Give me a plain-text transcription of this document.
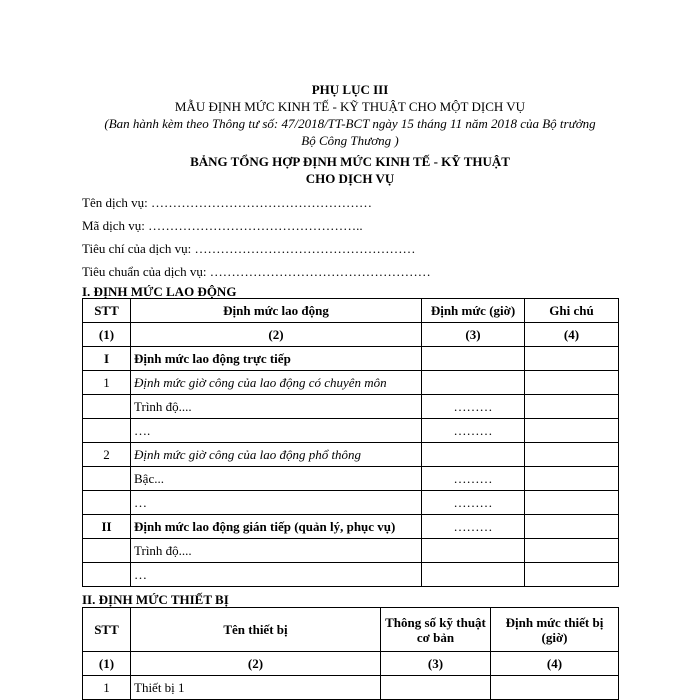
PHỤ LỤC III
MẪU ĐỊNH MỨC KINH TẾ - KỸ THUẬT CHO MỘT DỊCH VỤ
(Ban hành kèm theo Thông tư số: 47/2018/TT-BCT ngày 15 tháng 11 năm 2018 của Bộ trưởng
Bộ Công Thương )
BẢNG TỔNG HỢP ĐỊNH MỨC KINH TẾ - KỸ THUẬT
CHO DỊCH VỤ
Tên dịch vụ: ……………………………………………
Mã dịch vụ: …………………………………………..
Tiêu chí của dịch vụ: ……………………………………………
Tiêu chuẩn của dịch vụ: ……………………………………………
I. ĐỊNH MỨC LAO ĐỘNG
STT	Định mức lao động	Định mức (giờ)	Ghi chú
(1)	(2)	(3)	(4)
I	Định mức lao động trực tiếp		
1	Định mức giờ công của lao động có chuyên môn		
	Trình độ....	………	
	….	………	
2	Định mức giờ công của lao động phổ thông		
	Bậc...	………	
	…	………	
II	Định mức lao động gián tiếp (quản lý, phục vụ)	………	
	Trình độ....		
	…		
II. ĐỊNH MỨC THIẾT BỊ
STT	Tên thiết bị	Thông số kỹ thuật cơ bản	Định mức thiết bị (giờ)
(1)	(2)	(3)	(4)
1	Thiết bị 1		
